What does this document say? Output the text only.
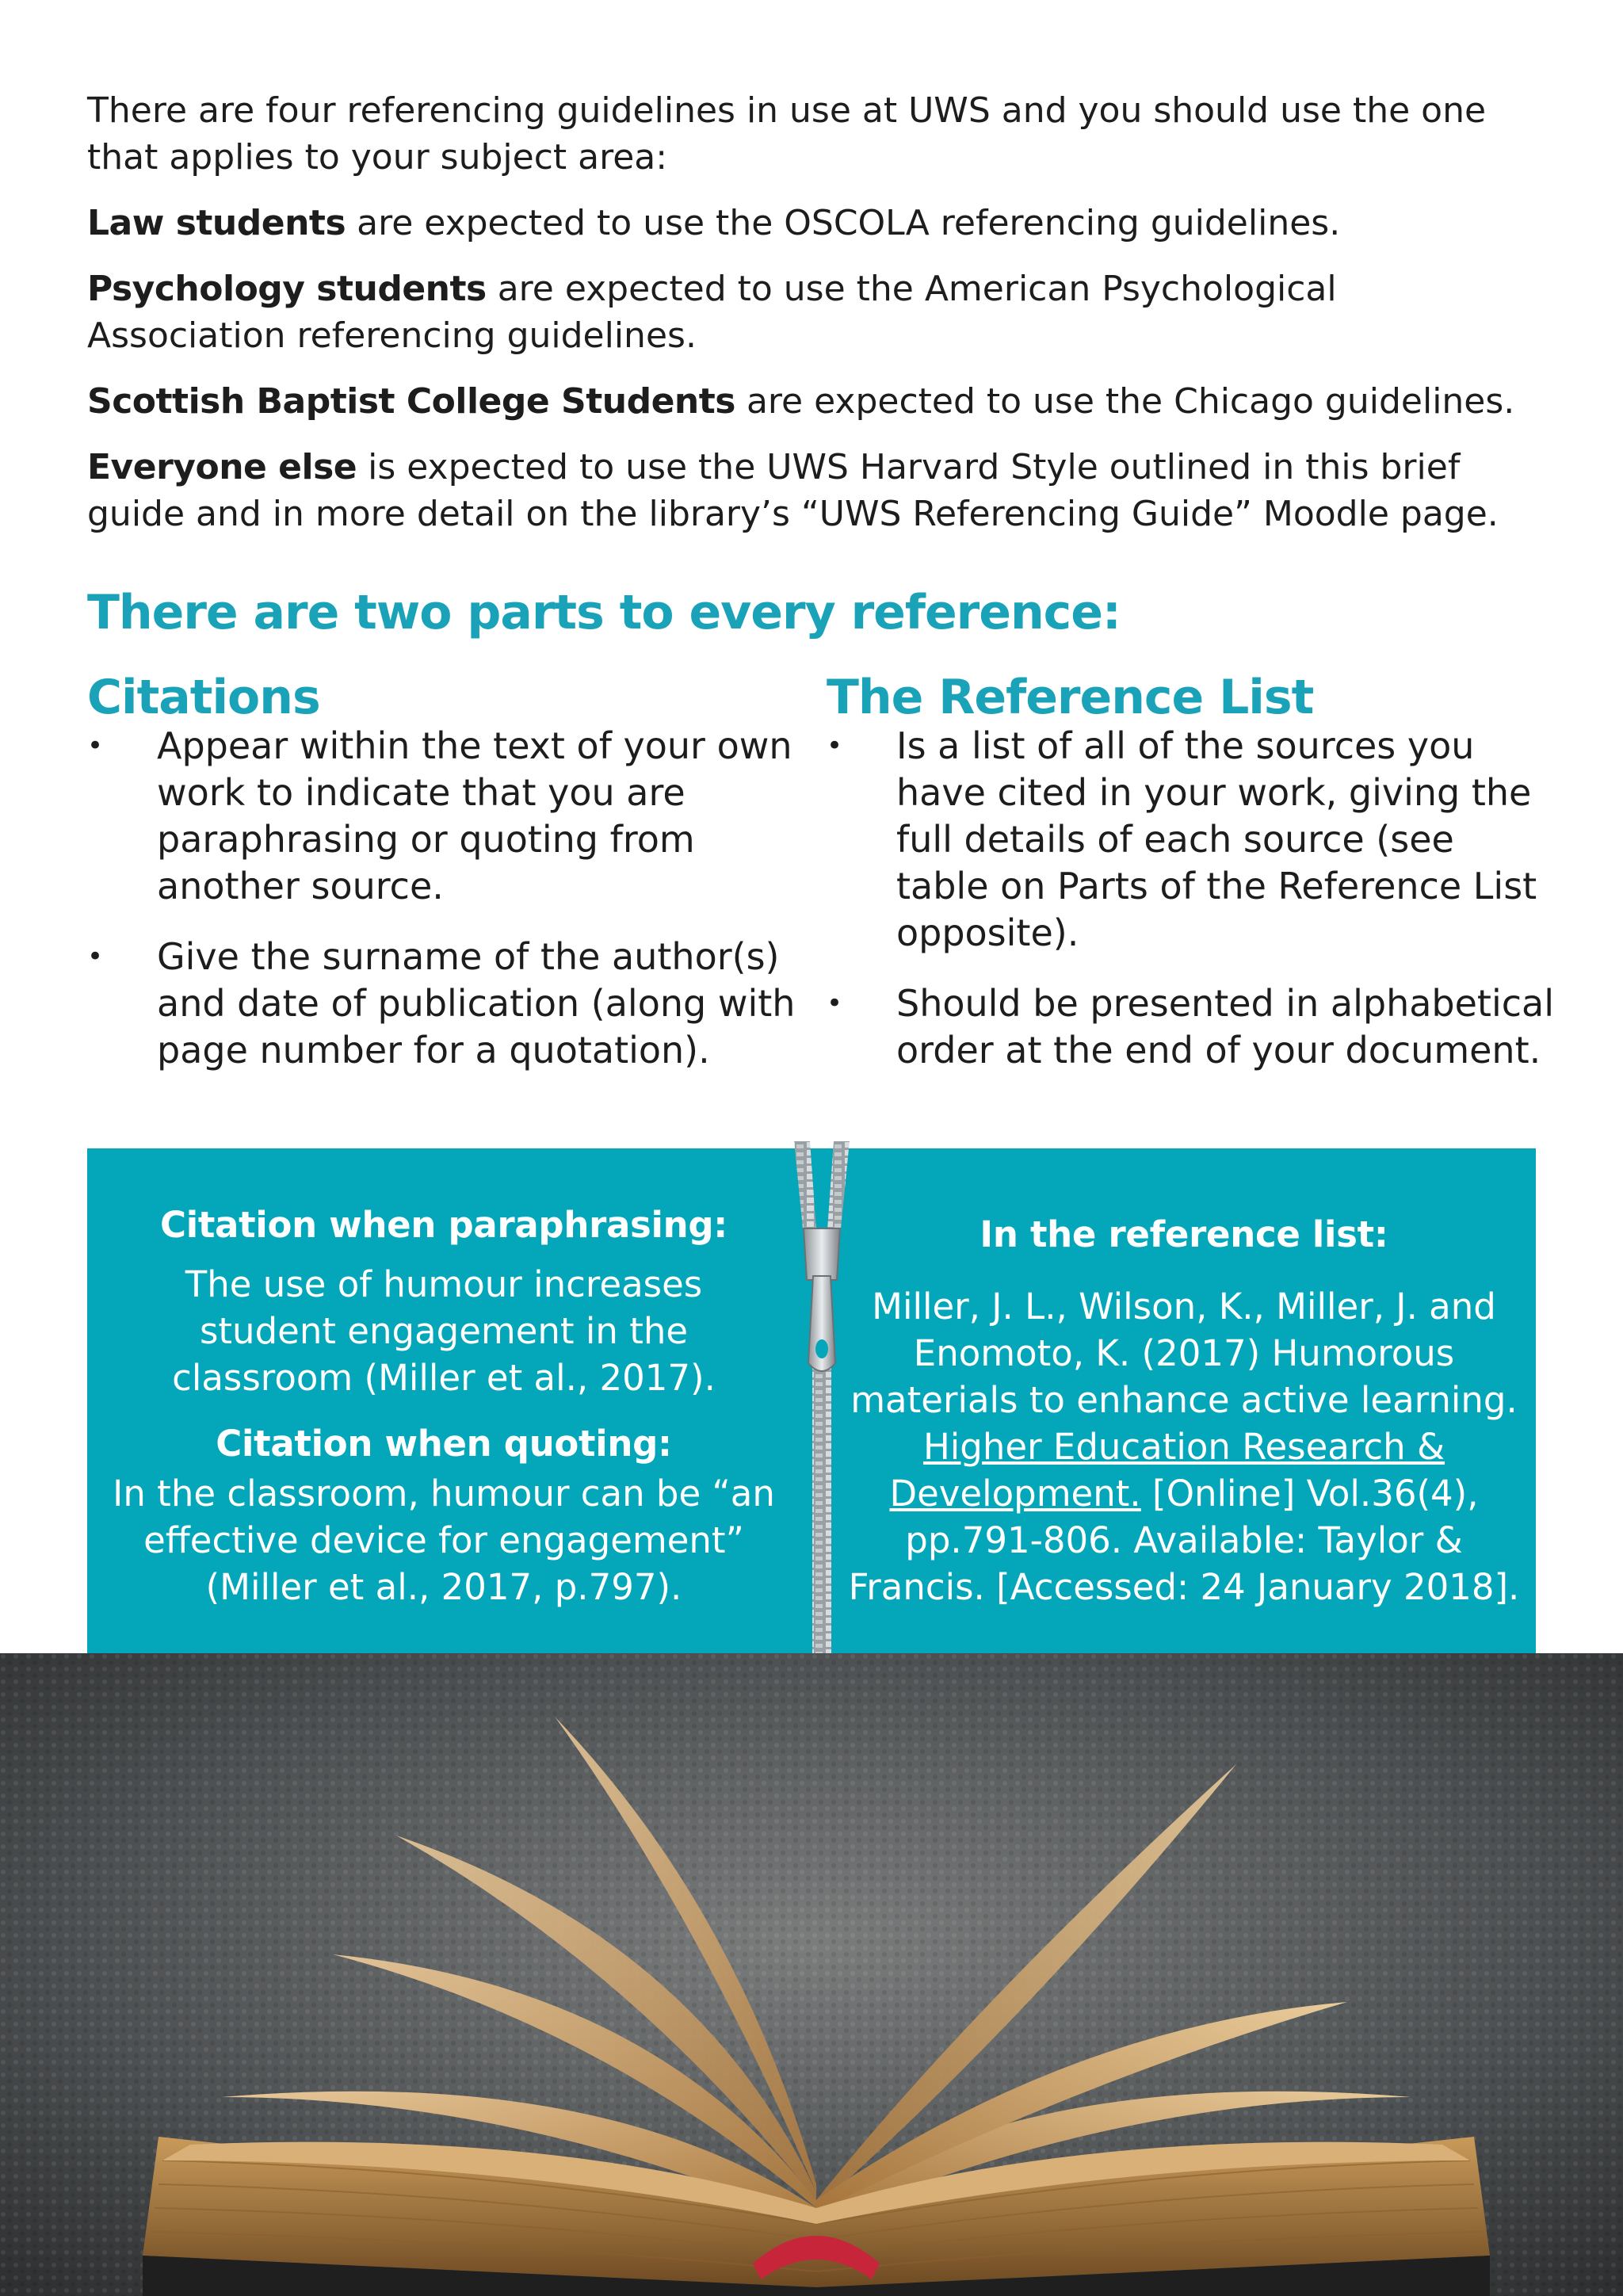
There are four referencing guidelines in use at UWS and you should use the one that applies to your subject area:

Law students are expected to use the OSCOLA referencing guidelines.

Psychology students are expected to use the American Psychological Association referencing guidelines.

Scottish Baptist College Students are expected to use the Chicago guidelines.

Everyone else is expected to use the UWS Harvard Style outlined in this brief guide and in more detail on the library’s “UWS Referencing Guide” Moodle page.

There are two parts to every reference:
Citations
• Appear within the text of your own work to indicate that you are paraphrasing or quoting from another source.
• Give the surname of the author(s) and date of publication (along with page number for a quotation).
The Reference List
• Is a list of all of the sources you have cited in your work, giving the full details of each source (see table on Parts of the Reference List opposite).
• Should be presented in alphabetical order at the end of your document.
Citation when paraphrasing:
The use of humour increases student engagement in the classroom (Miller et al., 2017).
Citation when quoting:
In the classroom, humour can be “an effective device for engagement” (Miller et al., 2017, p.797).
In the reference list:
Miller, J. L., Wilson, K., Miller, J. and Enomoto, K. (2017) Humorous materials to enhance active learning. Higher Education Research & Development. [Online] Vol.36(4), pp.791-806. Available: Taylor & Francis. [Accessed: 24 January 2018].
